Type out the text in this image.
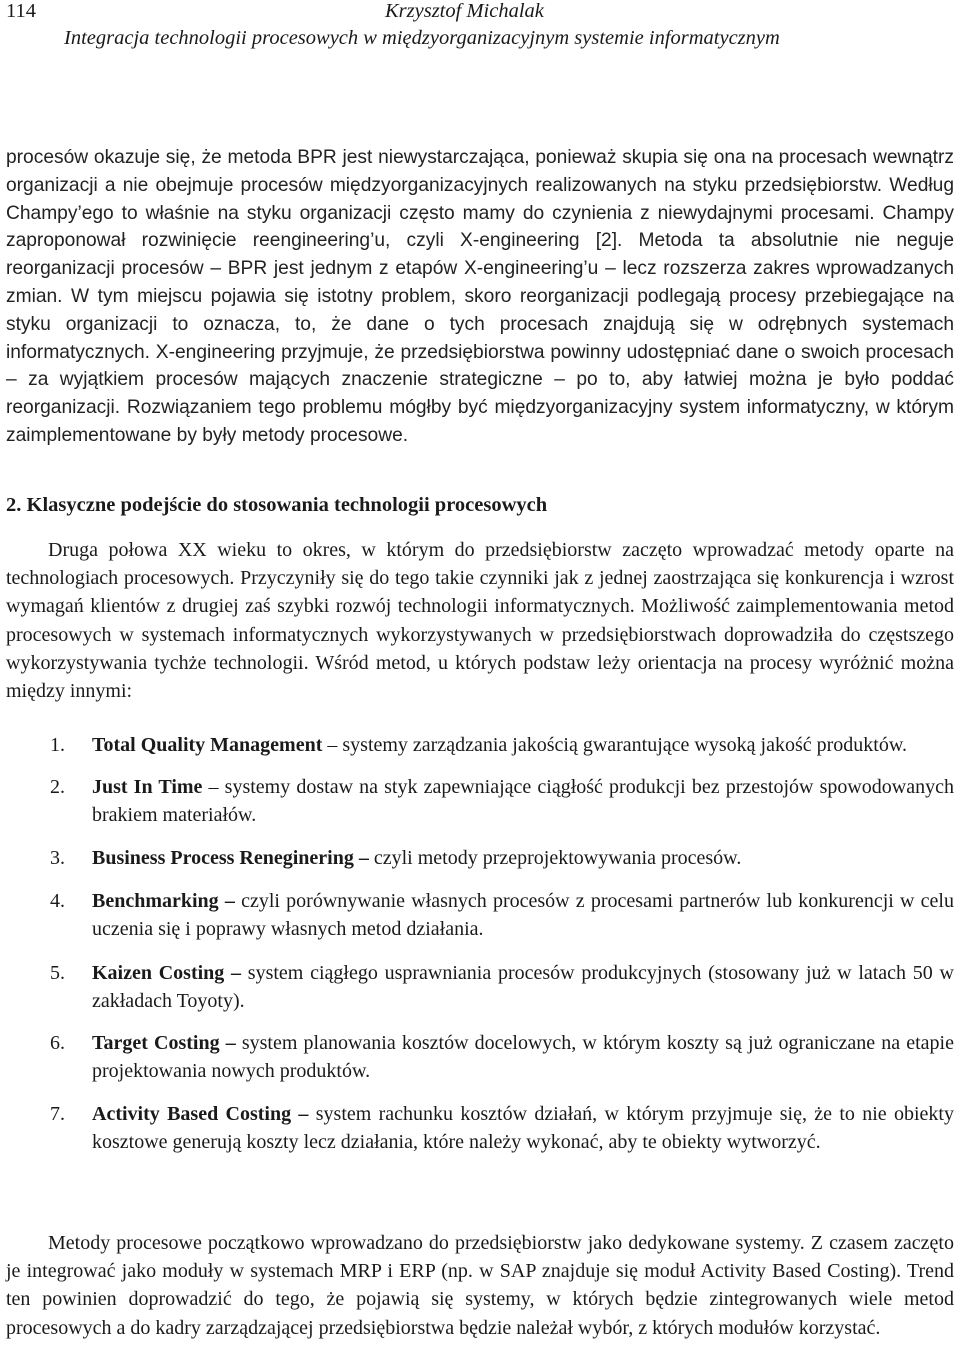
114	Krzysztof Michalak
Integracja technologii procesowych w międzyorganizacyjnym systemie informatycznym
procesów okazuje się, że metoda BPR jest niewystarczająca, ponieważ skupia się ona na procesach wewnątrz organizacji a nie obejmuje procesów międzyorganizacyjnych realizowanych na styku przedsiębiorstw. Według Champy’ego to właśnie na styku organizacji często mamy do czynienia z niewydajnymi procesami. Champy zaproponował rozwinięcie reengineering’u, czyli X-engineering [2]. Metoda ta absolutnie nie neguje reorganizacji procesów – BPR jest jednym z etapów X-engineering’u – lecz rozszerza zakres wprowadzanych zmian. W tym miejscu pojawia się istotny problem, skoro reorganizacji podlegają procesy przebiegające na styku organizacji to oznacza, to, że dane o tych procesach znajdują się w odrębnych systemach informatycznych. X-engineering przyjmuje, że przedsiębiorstwa powinny udostępniać dane o swoich procesach – za wyjątkiem procesów mających znaczenie strategiczne – po to, aby łatwiej można je było poddać reorganizacji. Rozwiązaniem tego problemu mógłby być międzyorganizacyjny system informatyczny, w którym zaimplementowane by były metody procesowe.
2. Klasyczne podejście do stosowania technologii procesowych
Druga połowa XX wieku to okres, w którym do przedsiębiorstw zaczęto wprowadzać metody oparte na technologiach procesowych. Przyczyniły się do tego takie czynniki jak z jednej zaostrzająca się konkurencja i wzrost wymagań klientów z drugiej zaś szybki rozwój technologii informatycznych. Możliwość zaimplementowania metod procesowych w systemach informatycznych wykorzystywanych w przedsiębiorstwach doprowadziła do częstszego wykorzystywania tychże technologii. Wśród metod, u których podstaw leży orientacja na procesy wyróżnić można między innymi:
1. Total Quality Management – systemy zarządzania jakością gwarantujące wysoką jakość produktów.
2. Just In Time – systemy dostaw na styk zapewniające ciągłość produkcji bez przestojów spowodowanych brakiem materiałów.
3. Business Process Reneginering – czyli metody przeprojektowywania procesów.
4. Benchmarking – czyli porównywanie własnych procesów z procesami partnerów lub konkurencji w celu uczenia się i poprawy własnych metod działania.
5. Kaizen Costing – system ciągłego usprawniania procesów produkcyjnych (stosowany już w latach 50 w zakładach Toyoty).
6. Target Costing – system planowania kosztów docelowych, w którym koszty są już ograniczane na etapie projektowania nowych produktów.
7. Activity Based Costing – system rachunku kosztów działań, w którym przyjmuje się, że to nie obiekty kosztowe generują koszty lecz działania, które należy wykonać, aby te obiekty wytworzyć.
Metody procesowe początkowo wprowadzano do przedsiębiorstw jako dedykowane systemy. Z czasem zaczęto je integrować jako moduły w systemach MRP i ERP (np. w SAP znajduje się moduł Activity Based Costing). Trend ten powinien doprowadzić do tego, że pojawią się systemy, w których będzie zintegrowanych wiele metod procesowych a do kadry zarządzającej przedsiębiorstwa będzie należał wybór, z których modułów korzystać.
